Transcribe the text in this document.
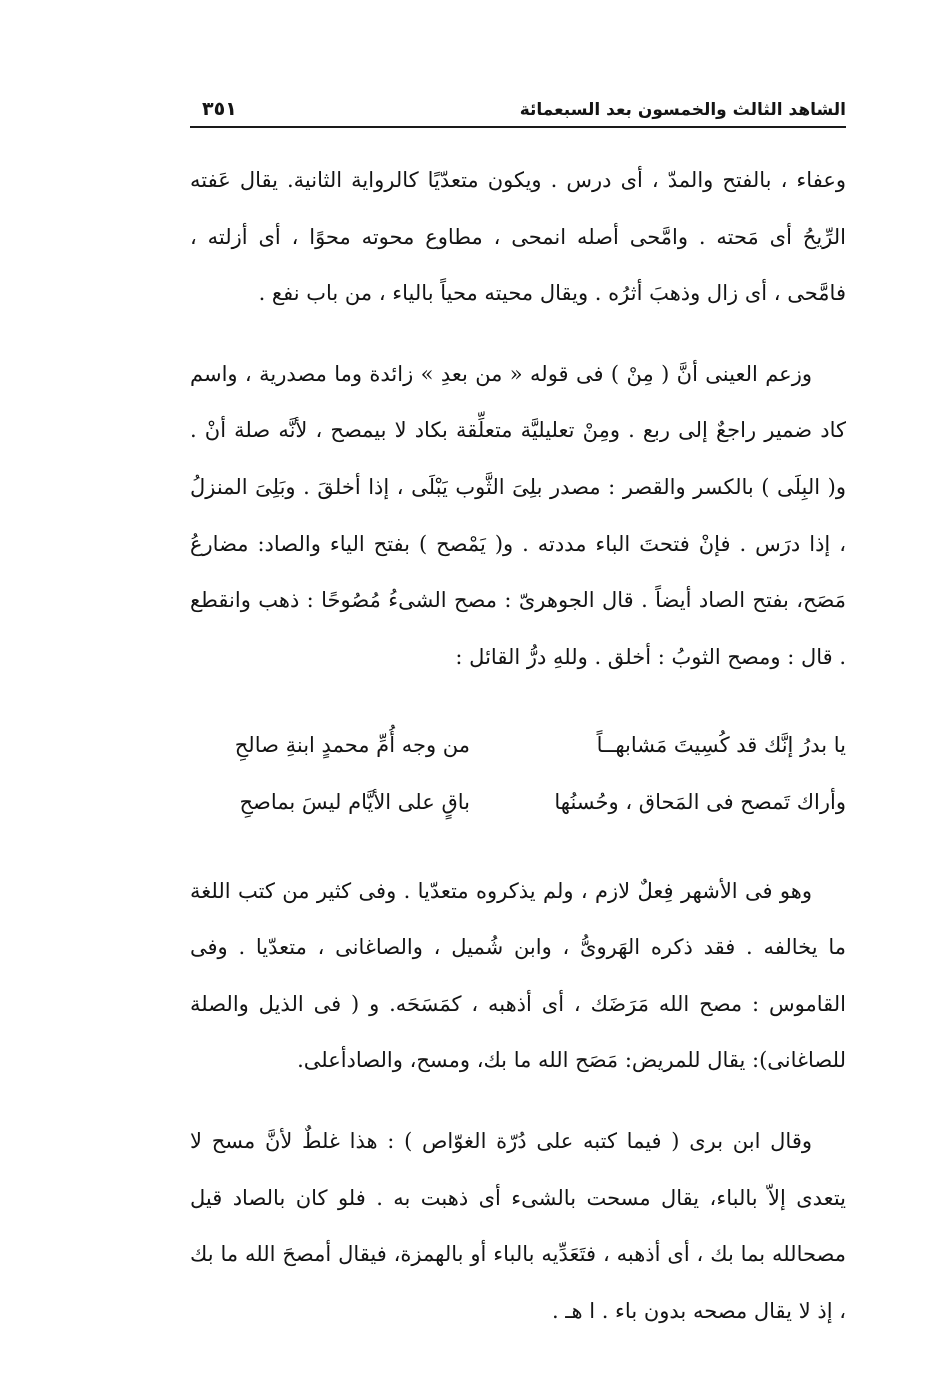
الشاهد الثالث والخمسون بعد السبعمائة
٣٥١

وعفاء ، بالفتح والمدّ ، أى درس . ويكون متعدّيًا كالرواية الثانية. يقال عَفته الرِّيحُ أى مَحته . وامَّحى أصله انمحى ، مطاوع محوته محوًا ، أى أزلته ، فامَّحى ، أى زال وذهبَ أثرُه . ويقال محيته محياً بالياء ، من باب نفع .

وزعم العينى أنَّ ( مِنْ ) فى قوله « من بعدِ » زائدة وما مصدرية ، واسم كاد ضمير راجعٌ إلى ربع . ومِنْ تعليليَّة متعلِّقة بكاد لا بيمصح ، لأنَّه صلة أنْ . و( البِلَى ) بالكسر والقصر : مصدر بلِىَ الثَّوب يَبْلَى ، إذا أخلقَ . وبَلِىَ المنزلُ ، إذا درَس . فإنْ فتحتَ الباء مددته . و( يَمْصح ) بفتح الياء والصاد: مضارعُ مَصَح، بفتح الصاد أيضاً . قال الجوهرىّ : مصح الشىءُ مُصُوحًا : ذهب وانقطع . قال : ومصح الثوبُ : أخلق . وللهِ درُّ القائل :

يا بدرُ إنَّك قد كُسِيتَ مَشابهــاً
من وجه أُمِّ محمدٍ ابنةِ صالحِ
وأراك تَمصح فى المَحاق ، وحُسنُها
باقٍ على الأيَّام ليسَ بماصحِ

وهو فى الأشهر فِعلٌ لازم ، ولم يذكروه متعدّيا . وفى كثير من كتب اللغة ما يخالفه . فقد ذكره الهَروىُّ ، وابن شُميل ، والصاغانى ، متعدّيا . وفى القاموس : مصح الله مَرَضَك ، أى أذهبه ، كمَسَحَه. و ( فى الذيل والصلة للصاغانى): يقال للمريض: مَصَح الله ما بك، ومسح، والصادأعلى.

وقال ابن برى ( فيما كتبه على دُرّة الغوّاص ) : هذا غلطٌ لأنَّ مسح لا يتعدى إلاّ بالباء، يقال مسحت بالشىء أى ذهبت به . فلو كان بالصاد قيل مصحالله بما بك ، أى أذهبه ، فتَعَدِّيه بالباء أو بالهمزة، فيقال أمصحَ الله ما بك ، إذ لا يقال مصحه بدون باء . ا هـ .
